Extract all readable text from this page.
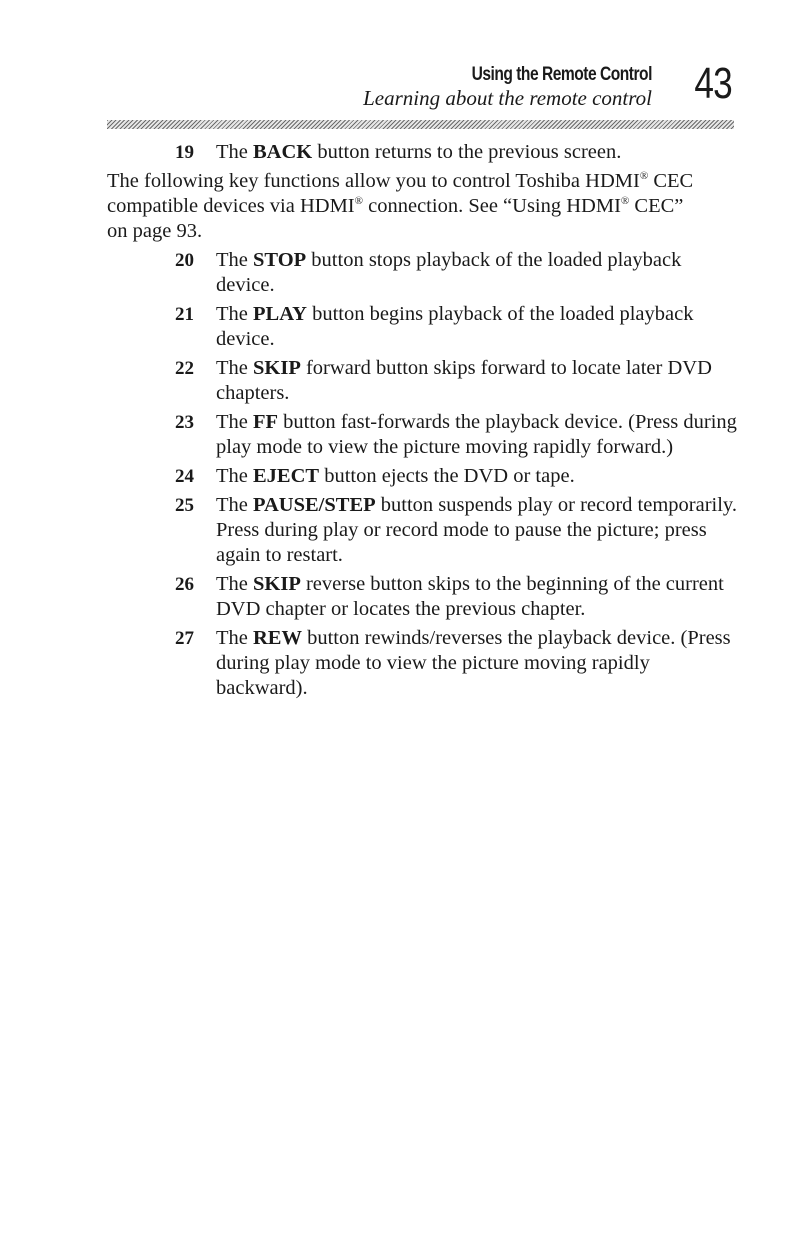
Using the Remote Control
Learning about the remote control 43
19	The BACK button returns to the previous screen.

The following key functions allow you to control Toshiba HDMI® CEC compatible devices via HDMI® connection. See “Using HDMI® CEC” on page 93.

20	The STOP button stops playback of the loaded playback device.
21	The PLAY button begins playback of the loaded playback device.
22	The SKIP forward button skips forward to locate later DVD chapters.
23	The FF button fast-forwards the playback device. (Press during play mode to view the picture moving rapidly forward.)
24	The EJECT button ejects the DVD or tape.
25	The PAUSE/STEP button suspends play or record temporarily. Press during play or record mode to pause the picture; press again to restart.
26	The SKIP reverse button skips to the beginning of the current DVD chapter or locates the previous chapter.
27	The REW button rewinds/reverses the playback device. (Press during play mode to view the picture moving rapidly backward).
